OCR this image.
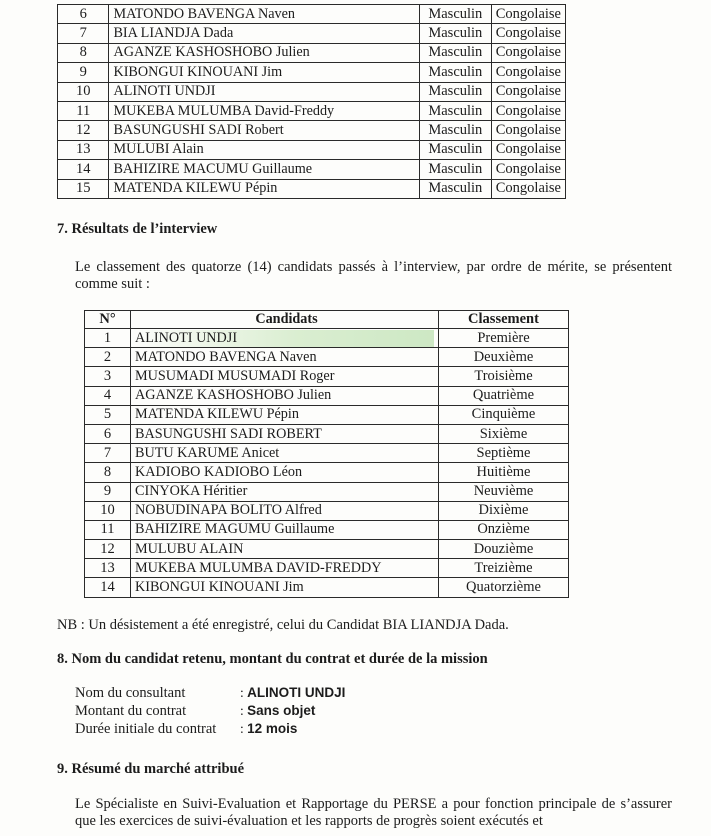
6	MATONDO BAVENGA Naven	Masculin	Congolaise
7	BIA LIANDJA Dada	Masculin	Congolaise
8	AGANZE KASHOSHOBO Julien	Masculin	Congolaise
9	KIBONGUI KINOUANI Jim	Masculin	Congolaise
10	ALINOTI UNDJI	Masculin	Congolaise
11	MUKEBA MULUMBA David-Freddy	Masculin	Congolaise
12	BASUNGUSHI SADI Robert	Masculin	Congolaise
13	MULUBI Alain	Masculin	Congolaise
14	BAHIZIRE MACUMU Guillaume	Masculin	Congolaise
15	MATENDA KILEWU Pépin	Masculin	Congolaise
7. Résultats de l’interview

Le classement des quatorze (14) candidats passés à l’interview, par ordre de mérite, se présentent comme suit :

N°	Candidats	Classement
1	ALINOTI UNDJI	Première
2	MATONDO BAVENGA Naven	Deuxième
3	MUSUMADI MUSUMADI Roger	Troisième
4	AGANZE KASHOSHOBO Julien	Quatrième
5	MATENDA KILEWU Pépin	Cinquième
6	BASUNGUSHI SADI ROBERT	Sixième
7	BUTU KARUME Anicet	Septième
8	KADIOBO KADIOBO Léon	Huitième
9	CINYOKA Héritier	Neuvième
10	NOBUDINAPA BOLITO Alfred	Dixième
11	BAHIZIRE MAGUMU Guillaume	Onzième
12	MULUBU ALAIN	Douzième
13	MUKEBA MULUMBA DAVID-FREDDY	Treizième
14	KIBONGUI KINOUANI Jim	Quatorzième

NB : Un désistement a été enregistré, celui du Candidat BIA LIANDJA Dada.

8. Nom du candidat retenu, montant du contrat et durée de la mission
Nom du consultant	: ALINOTI UNDJI
Montant du contrat	: Sans objet
Durée initiale du contrat	: 12 mois
9. Résumé du marché attribué

Le Spécialiste en Suivi-Evaluation et Rapportage du PERSE a pour fonction principale de s’assurer que les exercices de suivi-évaluation et les rapports de progrès soient exécutés et
